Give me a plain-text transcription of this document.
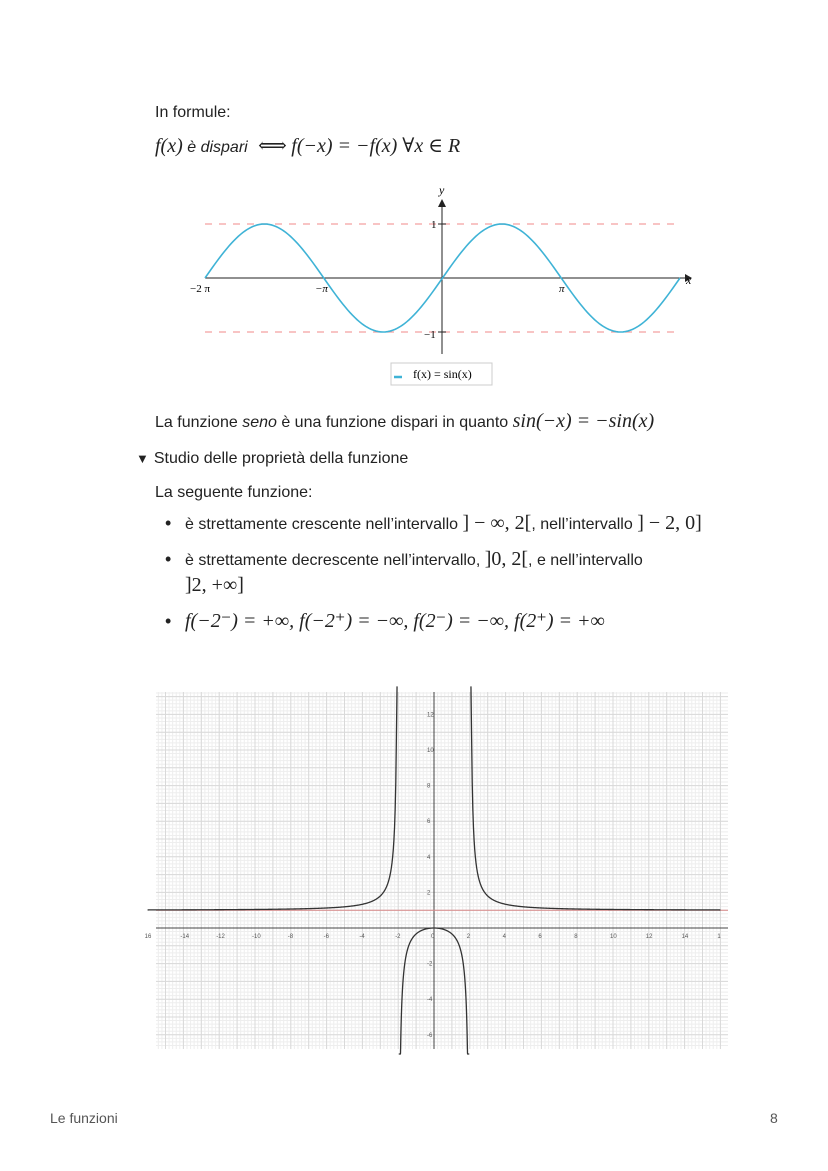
In formule:
f(x) è dispari ⟺ f(−x) = −f(x) ∀x ∈ R
y
x
1
−1
−2 π	−π	π
f(x) = sin(x)
La funzione seno è una funzione dispari in quanto sin(−x) = −sin(x)
▼ Studio delle proprietà della funzione
La seguente funzione:
• è strettamente crescente nell’intervallo ] − ∞, 2[, nell’intervallo ] − 2, 0]
• è strettamente decrescente nell’intervallo, ]0, 2[, e nell’intervallo
]2, +∞]
• f(−2⁻) = +∞, f(−2⁺) = −∞, f(2⁻) = −∞, f(2⁺) = +∞
16	-14	-12	-10	-8	-6	-4	-2	0	2	4	6	8	10	12	14	1
12
10
8
6
4
2
-2
-4
-6
Le funzioni	8
